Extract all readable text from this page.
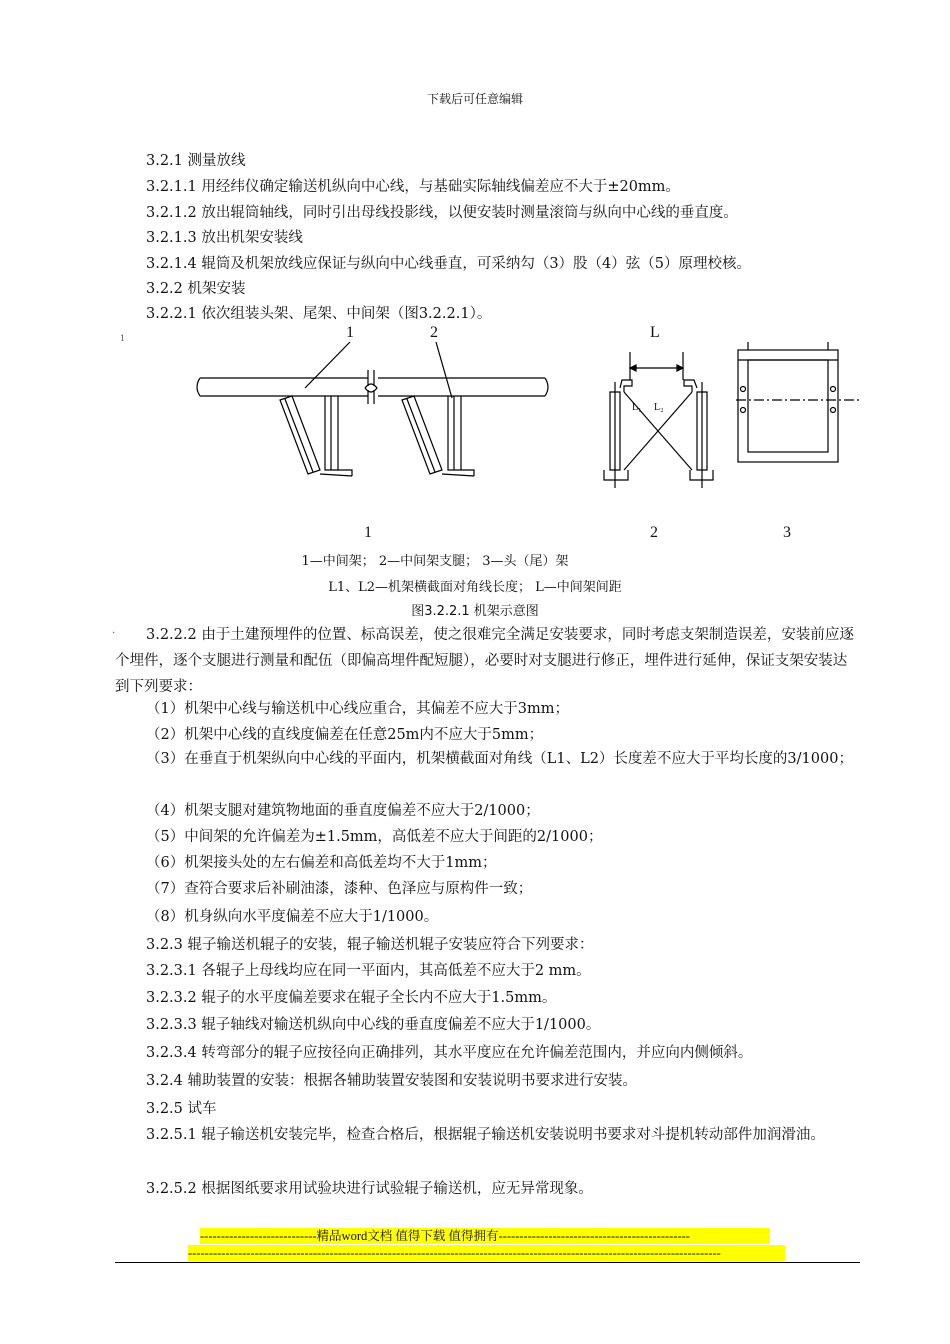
下载后可任意编辑
3.2.1 测量放线
3.2.1.1 用经纬仪确定输送机纵向中心线，与基础实际轴线偏差应不大于±20mm。
3.2.1.2 放出辊筒轴线，同时引出母线投影线，以便安装时测量滚筒与纵向中心线的垂直度。
3.2.1.3 放出机架安装线
3.2.1.4 辊筒及机架放线应保证与纵向中心线垂直，可采纳勾（3）股（4）弦（5）原理校核。
3.2.2 机架安装
3.2.2.1 依次组装头架、尾架、中间架（图3.2.2.1）。
1	1	2	L
L₁ L₂
1	2	3
1—中间架； 2—中间架支腿； 3—头（尾）架
L1、L2—机架横截面对角线长度； L—中间架间距
图3.2.2.1 机架示意图
·	3.2.2.2 由于土建预埋件的位置、标高误差，使之很难完全满足安装要求，同时考虑支架制造误差，安装前应逐个埋件，逐个支腿进行测量和配伍（即偏高埋件配短腿），必要时对支腿进行修正，埋件进行延伸，保证支架安装达到下列要求：
（1）机架中心线与输送机中心线应重合，其偏差不应大于3mm；
（2）机架中心线的直线度偏差在任意25m内不应大于5mm；
（3）在垂直于机架纵向中心线的平面内，机架横截面对角线（L1、L2）长度差不应大于平均长度的3/1000；
（4）机架支腿对建筑物地面的垂直度偏差不应大于2/1000；
（5）中间架的允许偏差为±1.5mm，高低差不应大于间距的2/1000；
（6）机架接头处的左右偏差和高低差均不大于1mm；
（7）查符合要求后补刷油漆，漆种、色泽应与原构件一致；
（8）机身纵向水平度偏差不应大于1/1000。
3.2.3 辊子输送机辊子的安装，辊子输送机辊子安装应符合下列要求：
3.2.3.1 各辊子上母线均应在同一平面内，其高低差不应大于2 mm。
3.2.3.2 辊子的水平度偏差要求在辊子全长内不应大于1.5mm。
3.2.3.3 辊子轴线对输送机纵向中心线的垂直度偏差不应大于1/1000。
3.2.3.4 转弯部分的辊子应按径向正确排列，其水平度应在允许偏差范围内，并应向内侧倾斜。
3.2.4 辅助装置的安装：根据各辅助装置安装图和安装说明书要求进行安装。
3.2.5 试车
3.2.5.1 辊子输送机安装完毕，检查合格后，根据辊子输送机安装说明书要求对斗提机转动部件加润滑油。
3.2.5.2 根据图纸要求用试验块进行试验辊子输送机，应无异常现象。
----------------------------精品word文档 值得下载 值得拥有----------------------------------------------
--------------------------------------------------------------------------------------------------------------------------------
